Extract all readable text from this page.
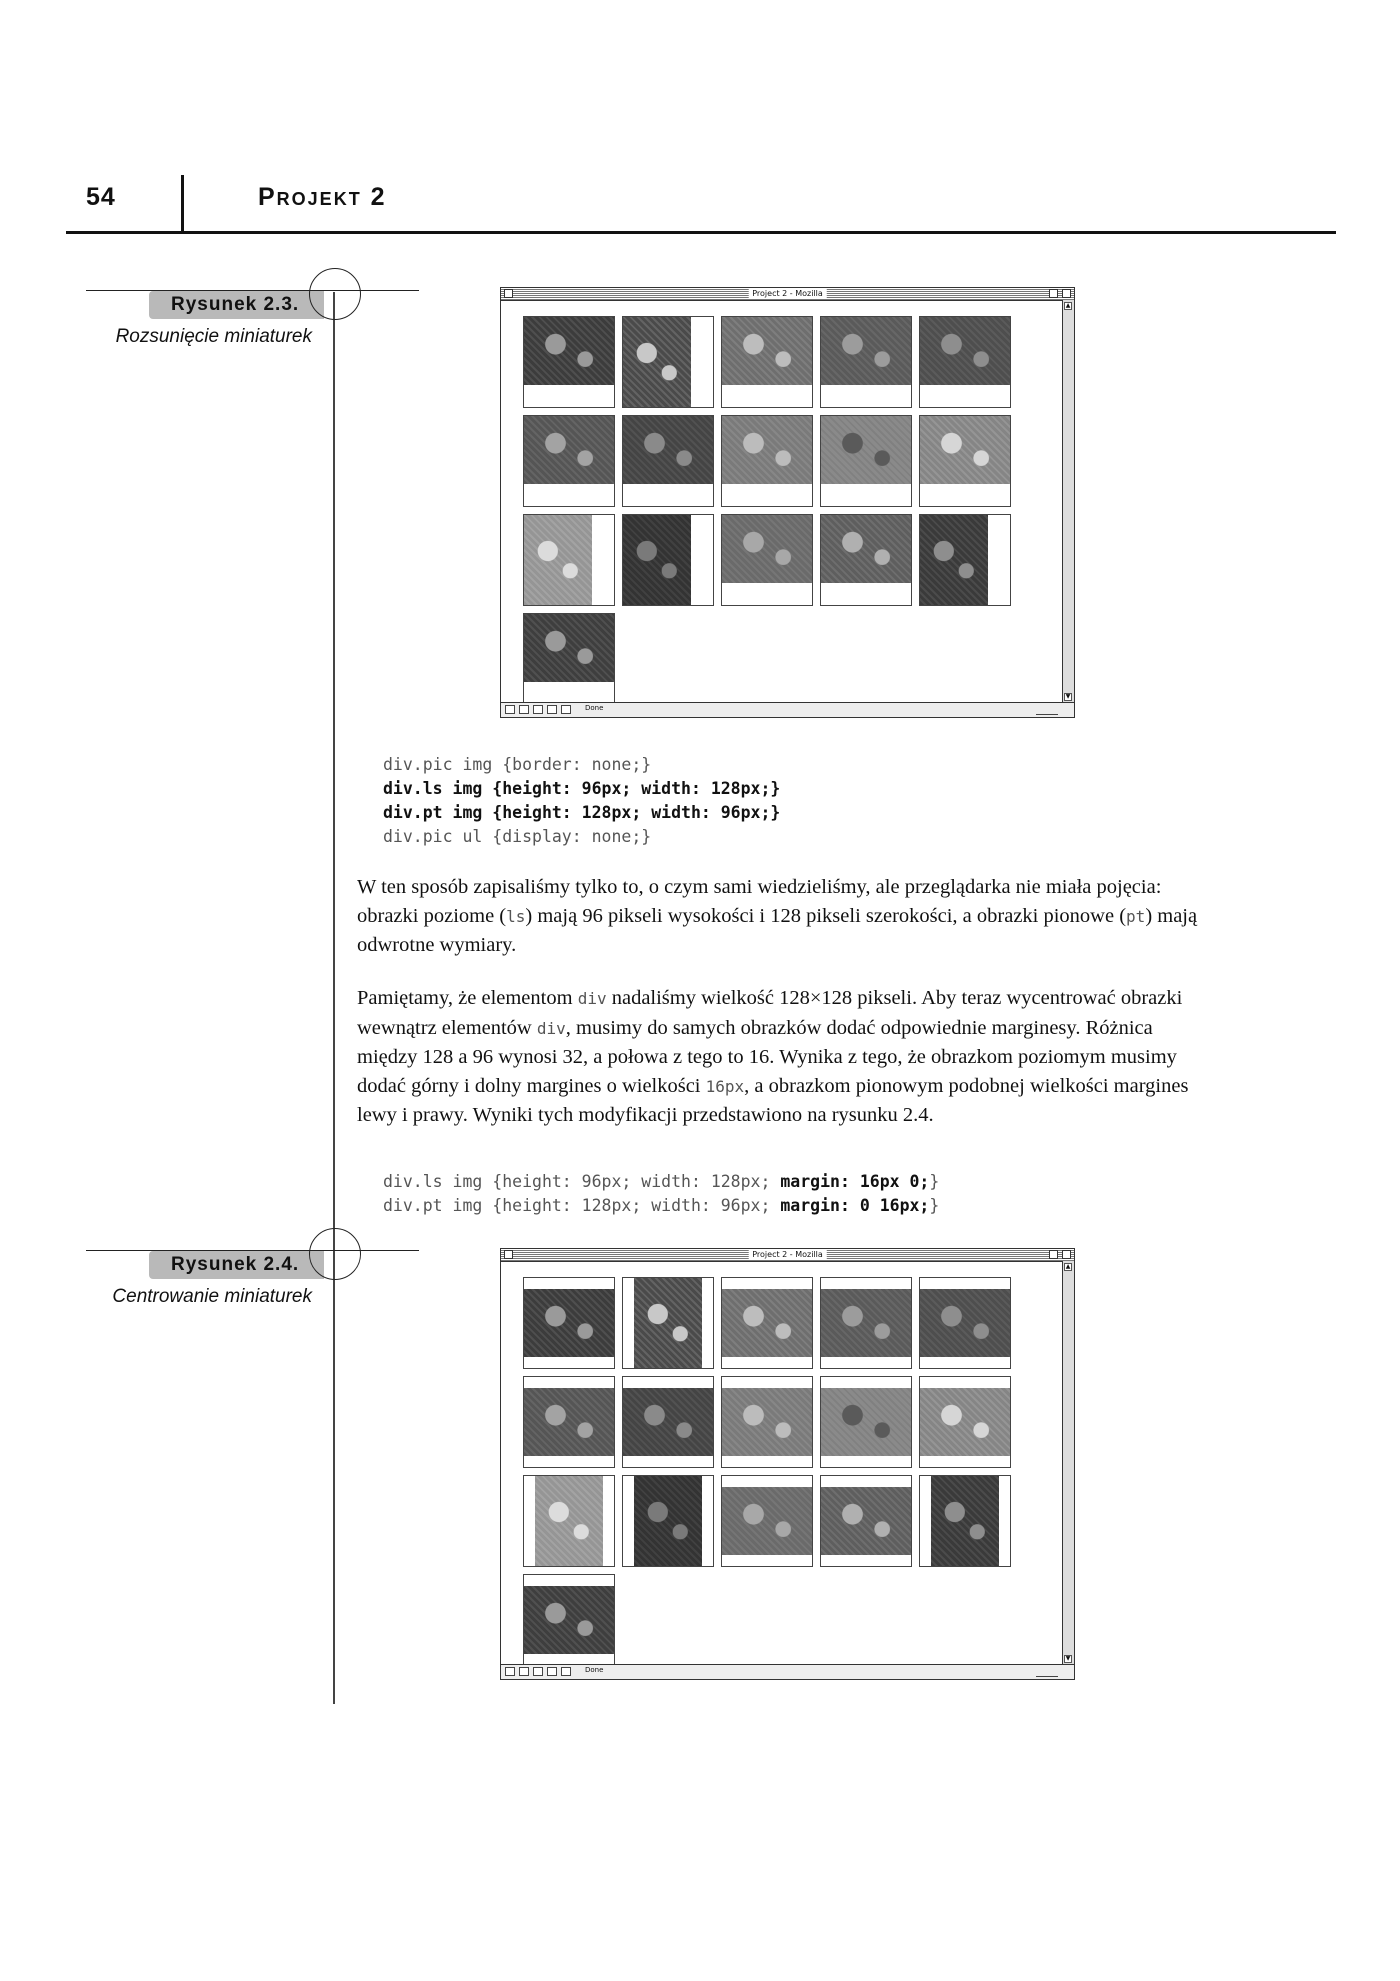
54	Projekt 2
Rysunek 2.3.
Rozsunięcie miniaturek
Project 2 - Mozilla
▲
▼
Done
div.pic img {border: none;}
div.ls img {height: 96px; width: 128px;}
div.pt img {height: 128px; width: 96px;}
div.pic ul {display: none;}
W ten sposób zapisaliśmy tylko to, o czym sami wiedzieliśmy, ale przeglądarka nie miała pojęcia: obrazki poziome (ls) mają 96 pikseli wysokości i 128 pikseli szerokości, a obrazki pionowe (pt) mają odwrotne wymiary.
Pamiętamy, że elementom div nadaliśmy wielkość 128×128 pikseli. Aby teraz wycentrować obrazki wewnątrz elementów div, musimy do samych obrazków dodać odpowiednie marginesy. Różnica między 128 a 96 wynosi 32, a połowa z tego to 16. Wynika z tego, że obrazkom poziomym musimy dodać górny i dolny margines o wielkości 16px, a obrazkom pionowym podobnej wielkości margines lewy i prawy. Wyniki tych modyfikacji przedstawiono na rysunku 2.4.
div.ls img {height: 96px; width: 128px; margin: 16px 0;}
div.pt img {height: 128px; width: 96px; margin: 0 16px;}
Rysunek 2.4.
Centrowanie miniaturek
Project 2 - Mozilla
▲
▼
Done
